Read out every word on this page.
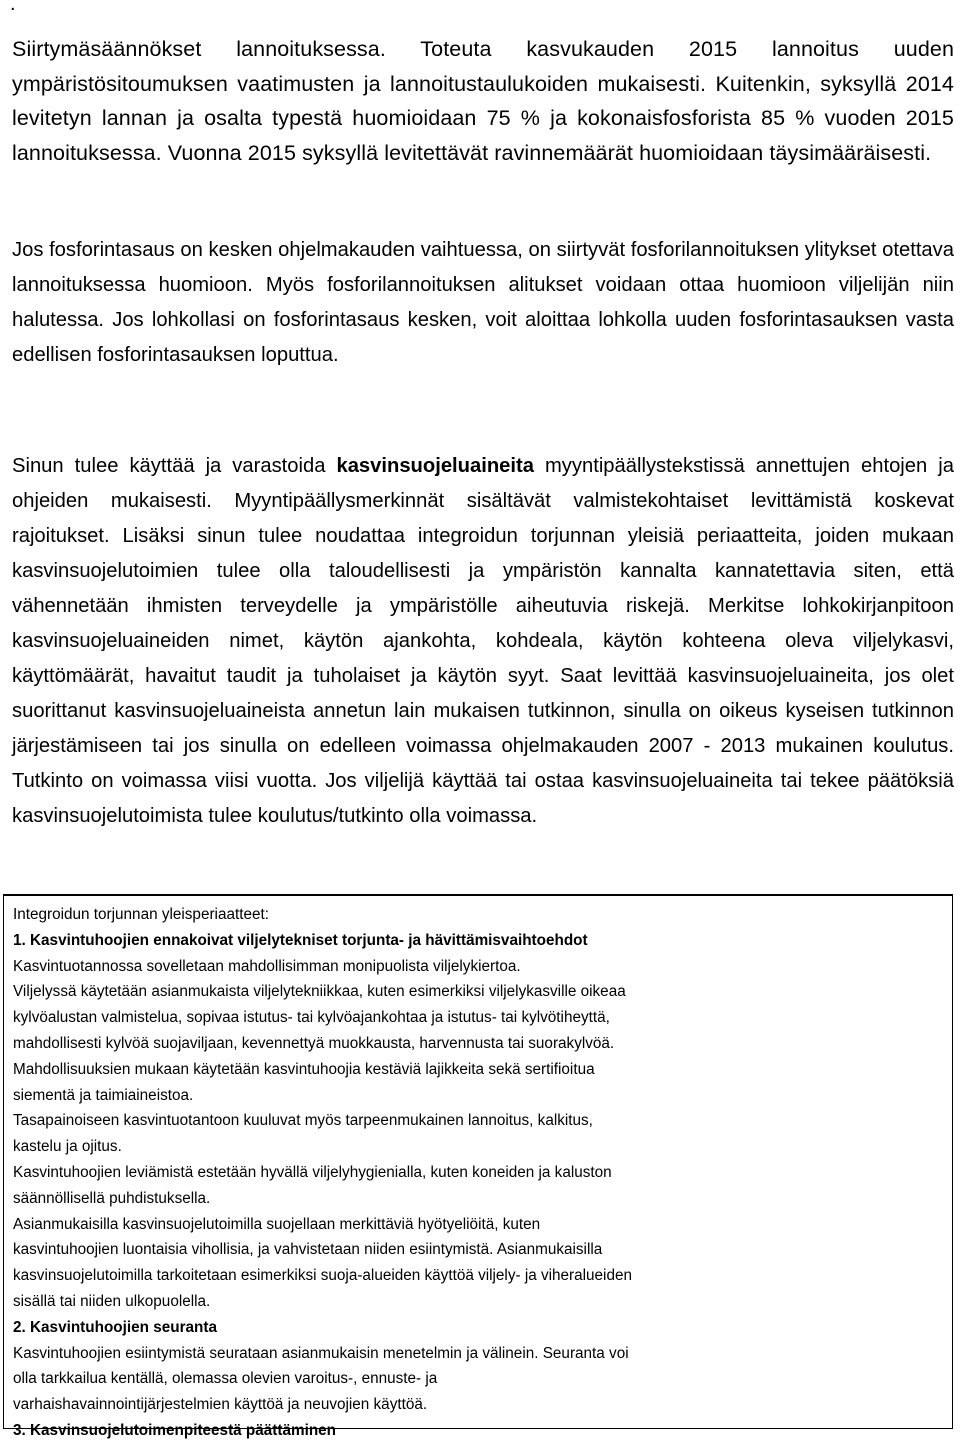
.

Siirtymäsäännökset lannoituksessa. Toteuta kasvukauden 2015 lannoitus uuden ympäristösitoumuksen vaatimusten ja lannoitustaulukoiden mukaisesti. Kuitenkin, syksyllä 2014 levitetyn lannan ja osalta typestä huomioidaan 75 % ja kokonaisfosforista 85 % vuoden 2015 lannoituksessa. Vuonna 2015 syksyllä levitettävät ravinnemäärät huomioidaan täysimääräisesti.

Jos fosforintasaus on kesken ohjelmakauden vaihtuessa, on siirtyvät fosforilannoituksen ylitykset otettava lannoituksessa huomioon. Myös fosforilannoituksen alitukset voidaan ottaa huomioon viljelijän niin halutessa. Jos lohkollasi on fosforintasaus kesken, voit aloittaa lohkolla uuden fosforintasauksen vasta edellisen fosforintasauksen loputtua.

Sinun tulee käyttää ja varastoida kasvinsuojeluaineita myyntipäällystekstissä annettujen ehtojen ja ohjeiden mukaisesti. Myyntipäällysmerkinnät sisältävät valmistekohtaiset levittämistä koskevat rajoitukset. Lisäksi sinun tulee noudattaa integroidun torjunnan yleisiä periaatteita, joiden mukaan kasvinsuojelutoimien tulee olla taloudellisesti ja ympäristön kannalta kannatettavia siten, että vähennetään ihmisten terveydelle ja ympäristölle aiheutuvia riskejä. Merkitse lohkokirjanpitoon kasvinsuojeluaineiden nimet, käytön ajankohta, kohdeala, käytön kohteena oleva viljelykasvi, käyttömäärät, havaitut taudit ja tuholaiset ja käytön syyt. Saat levittää kasvinsuojeluaineita, jos olet suorittanut kasvinsuojeluaineista annetun lain mukaisen tutkinnon, sinulla on oikeus kyseisen tutkinnon järjestämiseen tai jos sinulla on edelleen voimassa ohjelmakauden 2007 - 2013 mukainen koulutus. Tutkinto on voimassa viisi vuotta. Jos viljelijä käyttää tai ostaa kasvinsuojeluaineita tai tekee päätöksiä kasvinsuojelutoimista tulee koulutus/tutkinto olla voimassa.

Integroidun torjunnan yleisperiaatteet:
1. Kasvintuhoojien ennakoivat viljelytekniset torjunta- ja hävittämisvaihtoehdot
Kasvintuotannossa sovelletaan mahdollisimman monipuolista viljelykiertoa.
Viljelyssä käytetään asianmukaista viljelytekniikkaa, kuten esimerkiksi viljelykasville oikeaa
kylvöalustan valmistelua, sopivaa istutus- tai kylvöajankohtaa ja istutus- tai kylvötiheyttä,
mahdollisesti kylvöä suojaviljaan, kevennettyä muokkausta, harvennusta tai suorakylvöä.
Mahdollisuuksien mukaan käytetään kasvintuhoojia kestäviä lajikkeita sekä sertifioitua
siementä ja taimiaineistoa.
Tasapainoiseen kasvintuotantoon kuuluvat myös tarpeenmukainen lannoitus, kalkitus,
kastelu ja ojitus.
Kasvintuhoojien leviämistä estetään hyvällä viljelyhygienialla, kuten koneiden ja kaluston
säännöllisellä puhdistuksella.
Asianmukaisilla kasvinsuojelutoimilla suojellaan merkittäviä hyötyeliöitä, kuten
kasvintuhoojien luontaisia vihollisia, ja vahvistetaan niiden esiintymistä. Asianmukaisilla
kasvinsuojelutoimilla tarkoitetaan esimerkiksi suoja-alueiden käyttöä viljely- ja viheralueiden
sisällä tai niiden ulkopuolella.
2. Kasvintuhoojien seuranta
Kasvintuhoojien esiintymistä seurataan asianmukaisin menetelmin ja välinein. Seuranta voi
olla tarkkailua kentällä, olemassa olevien varoitus-, ennuste- ja
varhaishavainnointijärjestelmien käyttöä ja neuvojien käyttöä.
3. Kasvinsuojelutoimenpiteestä päättäminen
